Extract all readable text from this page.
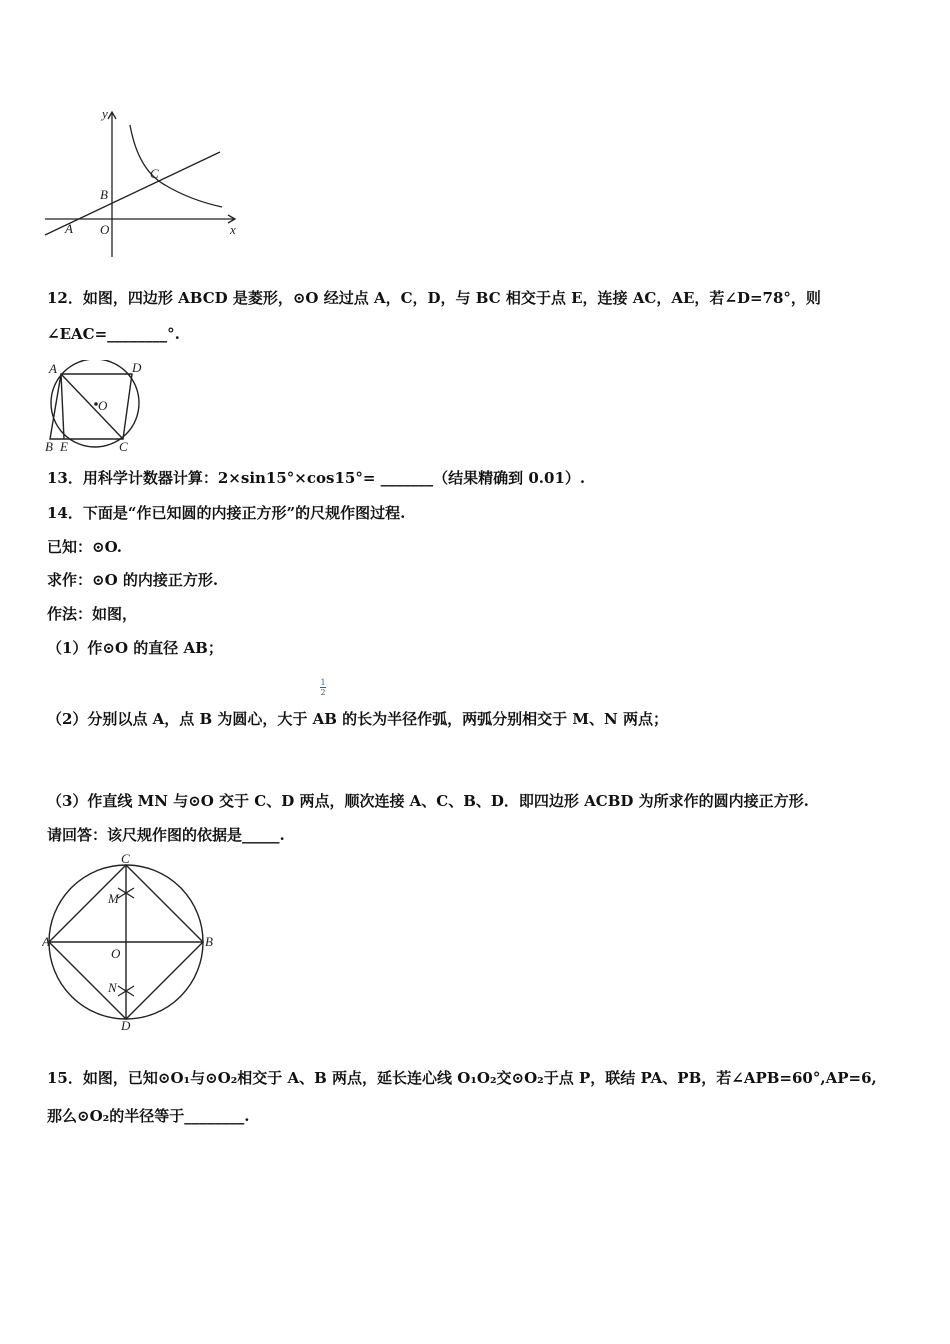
y
x
A O
B
C
12．如图，四边形 ABCD 是菱形，⊙O 经过点 A，C，D，与 BC 相交于点 E，连接 AC，AE，若∠D=78°，则
∠EAC=________°.
A	D
O
B E	C
13．用科学计数器计算：2×sin15°×cos15°= _______（结果精确到 0.01）.
14．下面是“作已知圆的内接正方形”的尺规作图过程.
已知：⊙O.
求作：⊙O 的内接正方形.
作法：如图，
（1）作⊙O 的直径 AB；
1
2
（2）分别以点 A，点 B 为圆心，大于 AB 的长为半径作弧，两弧分别相交于 M、N 两点；
（3）作直线 MN 与⊙O 交于 C、D 两点，顺次连接 A、C、B、D．即四边形 ACBD 为所求作的圆内接正方形.
请回答：该尺规作图的依据是_____.
C
M
A
O
B
N
D
15．如图，已知⊙O₁与⊙O₂相交于 A、B 两点，延长连心线 O₁O₂交⊙O₂于点 P，联结 PA、PB，若∠APB=60°,AP=6,
那么⊙O₂的半径等于________.
